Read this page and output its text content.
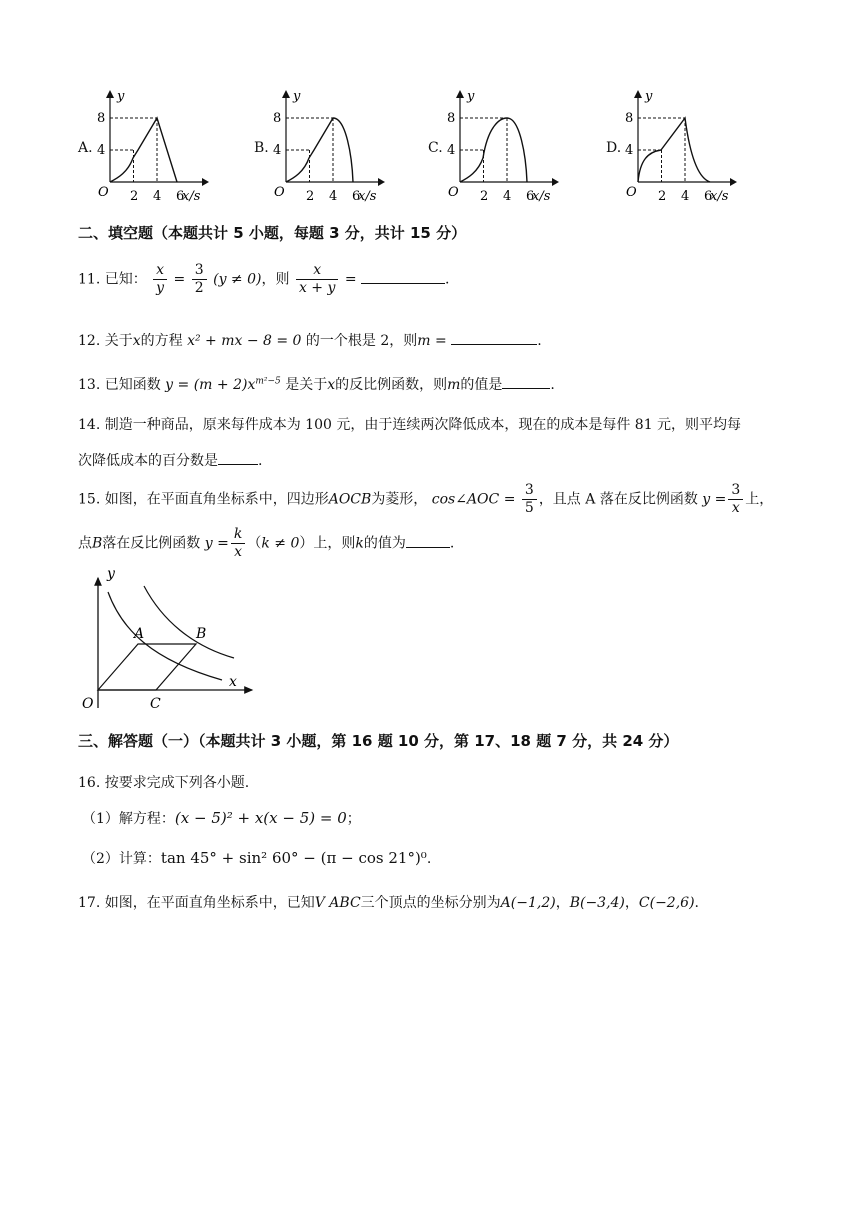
A.	B.	C.	D.
y
x/s
O
4
8
2 4 6
y
x/s
O
4
8
2 4 6
y
x/s
O
4
8
2 4 6
y
x/s
O
4
8
2 4 6
二、填空题（本题共计 5 小题，每题 3 分，共计 15 分）
11. 已知： $\frac{x}{y} = \frac{3}{2} (y \ne 0)$，则 $\frac{x}{x + y}$ =	.
12. 关于x的方程 x² + mx − 8 = 0 的一个根是 2，则m =	.
13. 已知函数 $y = (m + 2)x^{m^2-5}$ 是关于x的反比例函数，则m的值是	.
14. 制造一种商品，原来每件成本为 100 元，由于连续两次降低成本，现在的成本是每件 81 元，则平均每
次降低成本的百分数是	.
15. 如图，在平面直角坐标系中，四边形AOCB为菱形， cos∠AOC = $\frac{3}{5}$ ，且点 A 落在反比例函数 $y = \frac{3}{x}$ 上，
点B落在反比例函数 $y = \frac{k}{x} (k \ne 0)$上，则k的值为	.
y
x
O
A	B
C
三、解答题（一）（本题共计 3 小题，第 16 题 10 分，第 17、18 题 7 分，共 24 分）
16. 按要求完成下列各小题.
（1）解方程：(x − 5)² + x(x − 5) = 0；
（2）计算：tan 45° + sin² 60° − (π − cos 21°)⁰.
17. 如图，在平面直角坐标系中，已知V ABC三个顶点的坐标分别为A(−1,2)，B(−3,4)，C(−2,6).
